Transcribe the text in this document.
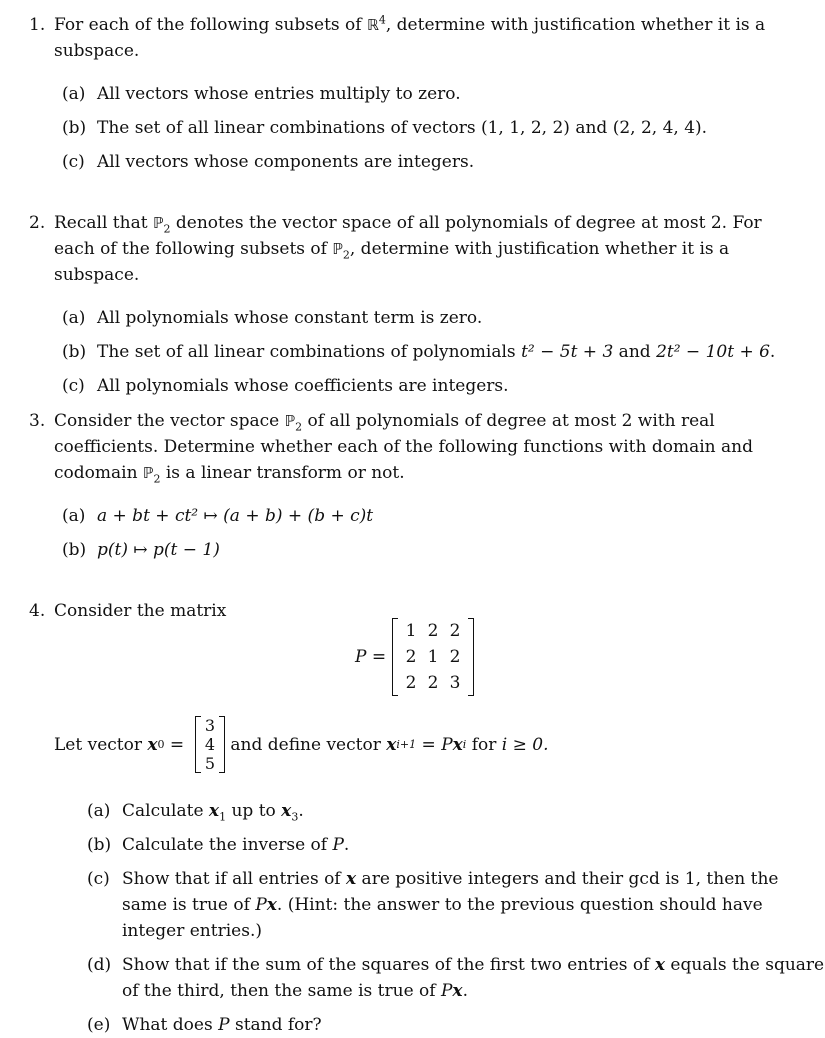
1. For each of the following subsets of ℝ$^4$, determine with justification whether it is a subspace.
(a) All vectors whose entries multiply to zero.
(b) The set of all linear combinations of vectors (1, 1, 2, 2) and (2, 2, 4, 4).
(c) All vectors whose components are integers.
2. Recall that ℙ$_2$ denotes the vector space of all polynomials of degree at most 2. For each of the following subsets of ℙ$_2$, determine with justification whether it is a subspace.
(a) All polynomials whose constant term is zero.
(b) The set of all linear combinations of polynomials t² − 5t + 3 and 2t² − 10t + 6.
(c) All polynomials whose coefficients are integers.
3. Consider the vector space ℙ$_2$ of all polynomials of degree at most 2 with real coefficients. Determine whether each of the following functions with domain and codomain ℙ$_2$ is a linear transform or not.
(a) a + bt + ct² ↦ (a + b) + (b + c)t
(b) p(t) ↦ p(t − 1)
4. Consider the matrix
P =
1 2 2
2 1 2
2 2 3
Let vector
x 0 =

3
4
5
and define vector x i+1 = P x i for i ≥ 0.
(a) Calculate $x_1$ up to $x_3$.
(b) Calculate the inverse of P.
(c) Show that if all entries of x are positive integers and their gcd is 1, then the same is true of Px. (Hint: the answer to the previous question should have integer entries.)
(d) Show that if the sum of the squares of the first two entries of x equals the square of the third, then the same is true of Px.
(e) What does P stand for?
